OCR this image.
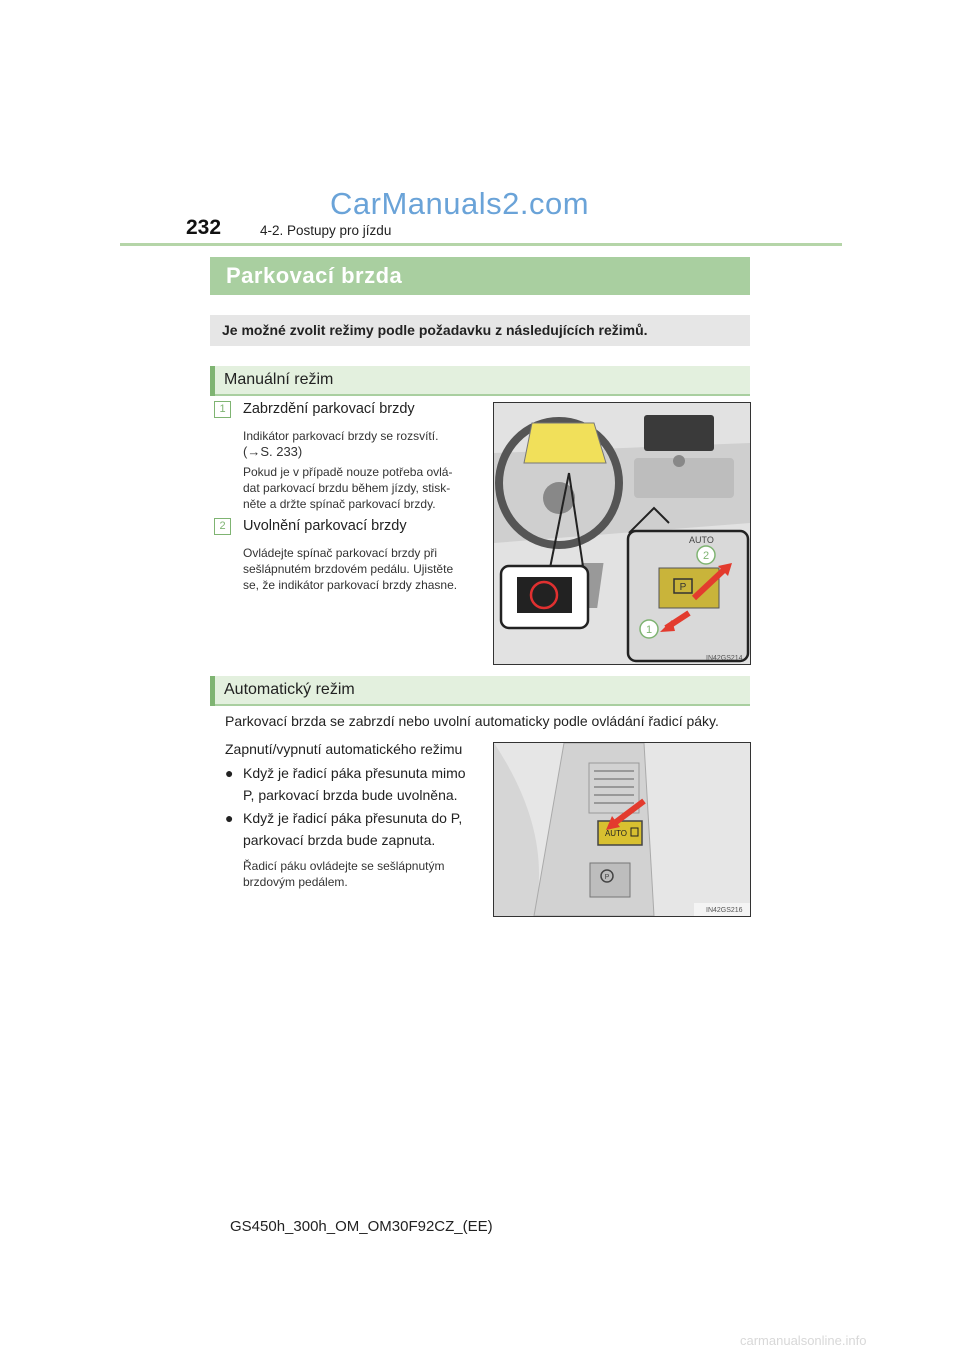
CarManuals2.com
232	4-2. Postupy pro jízdu
Parkovací brzda
Je možné zvolit režimy podle požadavku z následujících režimů.
Manuální režim
1	Zabrzdění parkovací brzdy
Indikátor parkovací brzdy se rozsvítí.
(→S. 233)
Pokud je v případě nouze potřeba ovlá-
dat parkovací brzdu během jízdy, stisk-
něte a držte spínač parkovací brzdy.
2	Uvolnění parkovací brzdy
Ovládejte spínač parkovací brzdy při
sešlápnutém brzdovém pedálu. Ujistěte
se, že indikátor parkovací brzdy zhasne.	P
AUTO
2
1
IN42GS214
Automatický režim
Parkovací brzda se zabrzdí nebo uvolní automaticky podle ovládání řadicí páky.
Zapnutí/vypnutí automatického režimu
● Když je řadicí páka přesunuta mimo
P, parkovací brzda bude uvolněna.
● Když je řadicí páka přesunuta do P,
parkovací brzda bude zapnuta.
Řadicí páku ovládejte se sešlápnutým
brzdovým pedálem.
AUTO
P
IN42GS216
GS450h_300h_OM_OM30F92CZ_(EE)
carmanualsonline.info
